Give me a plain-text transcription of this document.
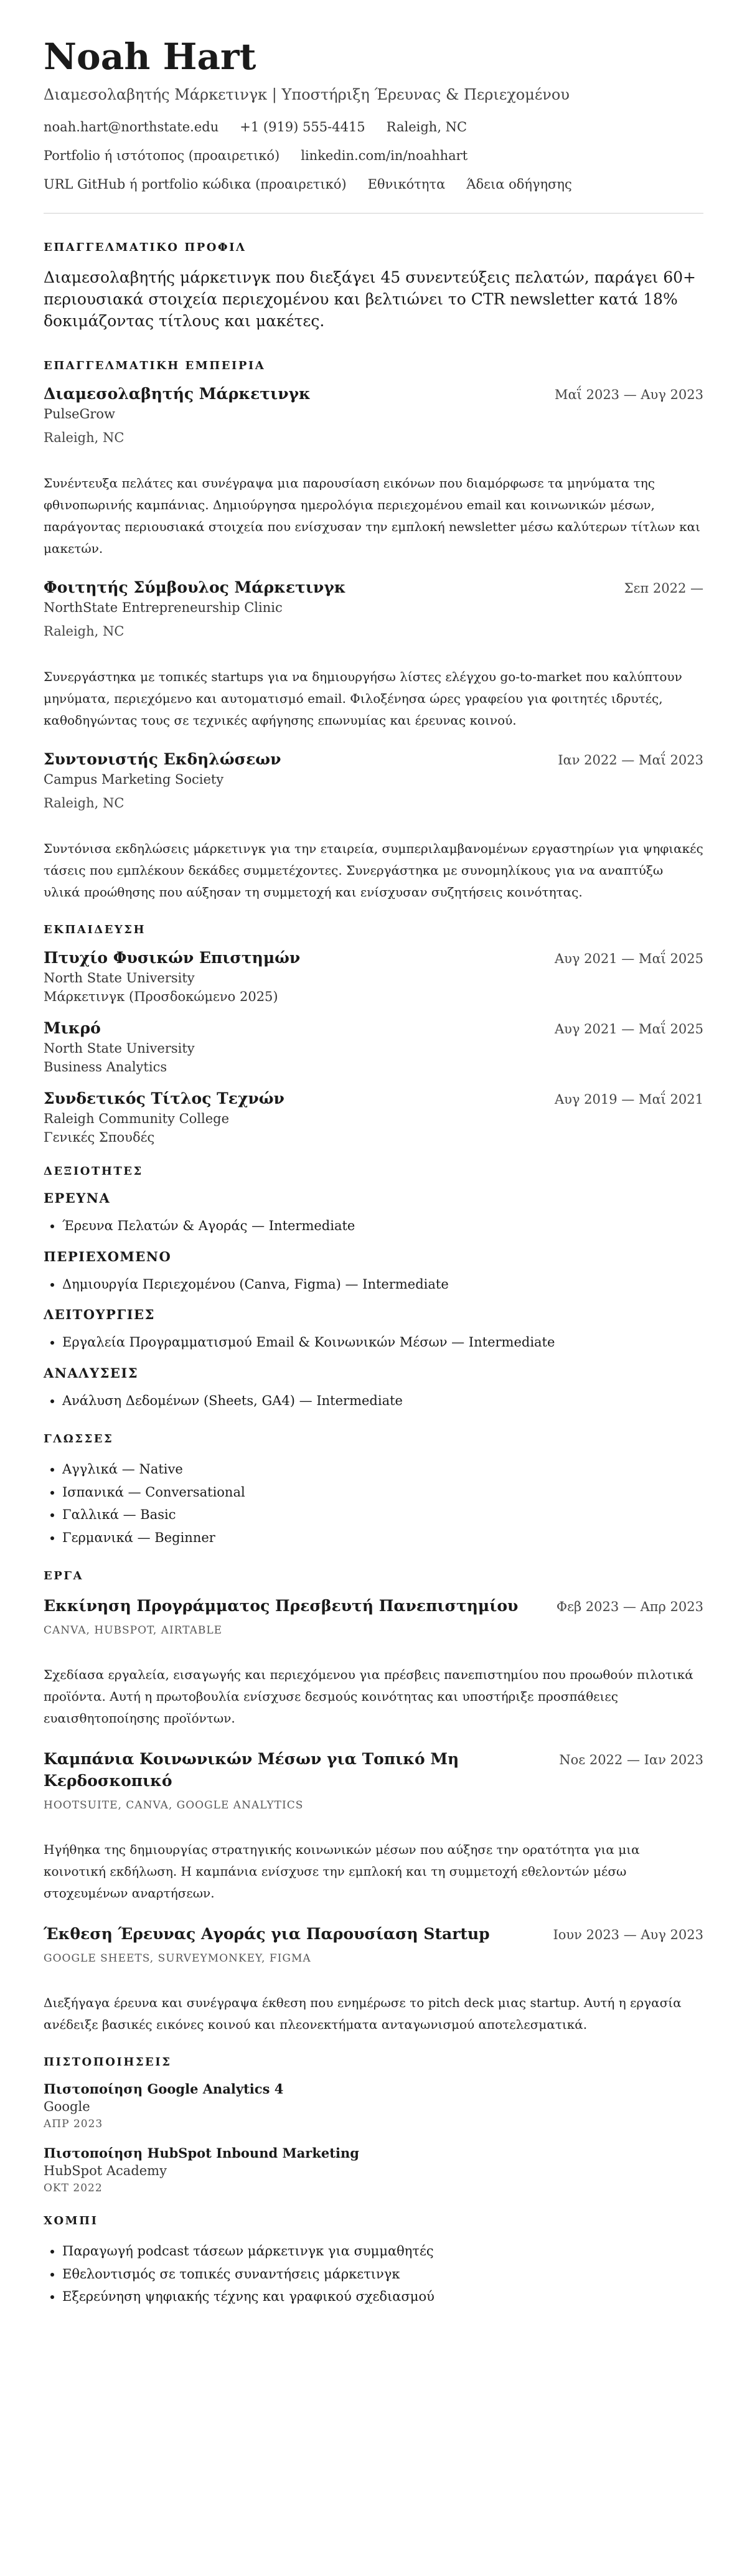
Noah Hart
Διαμεσολαβητής Μάρκετινγκ | Υποστήριξη Έρευνας & Περιεχομένου
noah.hart@northstate.edu +1 (919) 555-4415 Raleigh, NC
Portfolio ή ιστότοπος (προαιρετικό) linkedin.com/in/noahhart
URL GitHub ή portfolio κώδικα (προαιρετικό) Εθνικότητα Άδεια οδήγησης
ΕΠΑΓΓΕΛΜΑΤΙΚΟ ΠΡΟΦΙΛ

Διαμεσολαβητής μάρκετινγκ που διεξάγει 45 συνεντεύξεις πελατών, παράγει 60+ περιουσιακά στοιχεία περιεχομένου και βελτιώνει το CTR newsletter κατά 18% δοκιμάζοντας τίτλους και μακέτες.

ΕΠΑΓΓΕΛΜΑΤΙΚΗ ΕΜΠΕΙΡΙΑ
Διαμεσολαβητής Μάρκετινγκ	Μαΐ 2023 — Αυγ 2023
PulseGrow
Raleigh, NC
Συνέντευξα πελάτες και συνέγραψα μια παρουσίαση εικόνων που διαμόρφωσε τα μηνύματα της φθινοπωρινής καμπάνιας. Δημιούργησα ημερολόγια περιεχομένου email και κοινωνικών μέσων, παράγοντας περιουσιακά στοιχεία που ενίσχυσαν την εμπλοκή newsletter μέσω καλύτερων τίτλων και μακετών.
Φοιτητής Σύμβουλος Μάρκετινγκ	Σεπ 2022 —
NorthState Entrepreneurship Clinic
Raleigh, NC
Συνεργάστηκα με τοπικές startups για να δημιουργήσω λίστες ελέγχου go-to-market που καλύπτουν μηνύματα, περιεχόμενο και αυτοματισμό email. Φιλοξένησα ώρες γραφείου για φοιτητές ιδρυτές, καθοδηγώντας τους σε τεχνικές αφήγησης επωνυμίας και έρευνας κοινού.
Συντονιστής Εκδηλώσεων	Ιαν 2022 — Μαΐ 2023
Campus Marketing Society
Raleigh, NC
Συντόνισα εκδηλώσεις μάρκετινγκ για την εταιρεία, συμπεριλαμβανομένων εργαστηρίων για ψηφιακές τάσεις που εμπλέκουν δεκάδες συμμετέχοντες. Συνεργάστηκα με συνομηλίκους για να αναπτύξω υλικά προώθησης που αύξησαν τη συμμετοχή και ενίσχυσαν συζητήσεις κοινότητας.
ΕΚΠΑΙΔΕΥΣΗ
Πτυχίο Φυσικών Επιστημών	Αυγ 2021 — Μαΐ 2025
North State University
Μάρκετινγκ (Προσδοκώμενο 2025)
Μικρό	Αυγ 2021 — Μαΐ 2025
North State University
Business Analytics
Συνδετικός Τίτλος Τεχνών	Αυγ 2019 — Μαΐ 2021
Raleigh Community College
Γενικές Σπουδές
ΔΕΞΙΟΤΗΤΕΣ
ΕΡΕΥΝΑ
• Έρευνα Πελατών & Αγοράς — Intermediate
ΠΕΡΙΕΧΟΜΕΝΟ
• Δημιουργία Περιεχομένου (Canva, Figma) — Intermediate
ΛΕΙΤΟΥΡΓΙΕΣ
• Εργαλεία Προγραμματισμού Email & Κοινωνικών Μέσων — Intermediate
ΑΝΑΛΥΣΕΙΣ
• Ανάλυση Δεδομένων (Sheets, GA4) — Intermediate
ΓΛΩΣΣΕΣ
• Αγγλικά — Native
• Ισπανικά — Conversational
• Γαλλικά — Basic
• Γερμανικά — Beginner
ΕΡΓΑ
Εκκίνηση Προγράμματος Πρεσβευτή Πανεπιστημίου	Φεβ 2023 — Απρ 2023
CANVA, HUBSPOT, AIRTABLE
Σχεδίασα εργαλεία, εισαγωγής και περιεχόμενου για πρέσβεις πανεπιστημίου που προωθούν πιλοτικά προϊόντα. Αυτή η πρωτοβουλία ενίσχυσε δεσμούς κοινότητας και υποστήριξε προσπάθειες ευαισθητοποίησης προϊόντων.
Καμπάνια Κοινωνικών Μέσων για Τοπικό Μη Κερδοσκοπικό
Νοε 2022 — Ιαν 2023
HOOTSUITE, CANVA, GOOGLE ANALYTICS
Ηγήθηκα της δημιουργίας στρατηγικής κοινωνικών μέσων που αύξησε την ορατότητα για μια κοινοτική εκδήλωση. Η καμπάνια ενίσχυσε την εμπλοκή και τη συμμετοχή εθελοντών μέσω στοχευμένων αναρτήσεων.
Έκθεση Έρευνας Αγοράς για Παρουσίαση Startup	Ιουν 2023 — Αυγ 2023
GOOGLE SHEETS, SURVEYMONKEY, FIGMA
Διεξήγαγα έρευνα και συνέγραψα έκθεση που ενημέρωσε το pitch deck μιας startup. Αυτή η εργασία ανέδειξε βασικές εικόνες κοινού και πλεονεκτήματα ανταγωνισμού αποτελεσματικά.
ΠΙΣΤΟΠΟΙΗΣΕΙΣ
Πιστοποίηση Google Analytics 4
Google
ΑΠΡ 2023
Πιστοποίηση HubSpot Inbound Marketing
HubSpot Academy
ΟΚΤ 2022
ΧΟΜΠΙ
• Παραγωγή podcast τάσεων μάρκετινγκ για συμμαθητές
• Εθελοντισμός σε τοπικές συναντήσεις μάρκετινγκ
• Εξερεύνηση ψηφιακής τέχνης και γραφικού σχεδιασμού
